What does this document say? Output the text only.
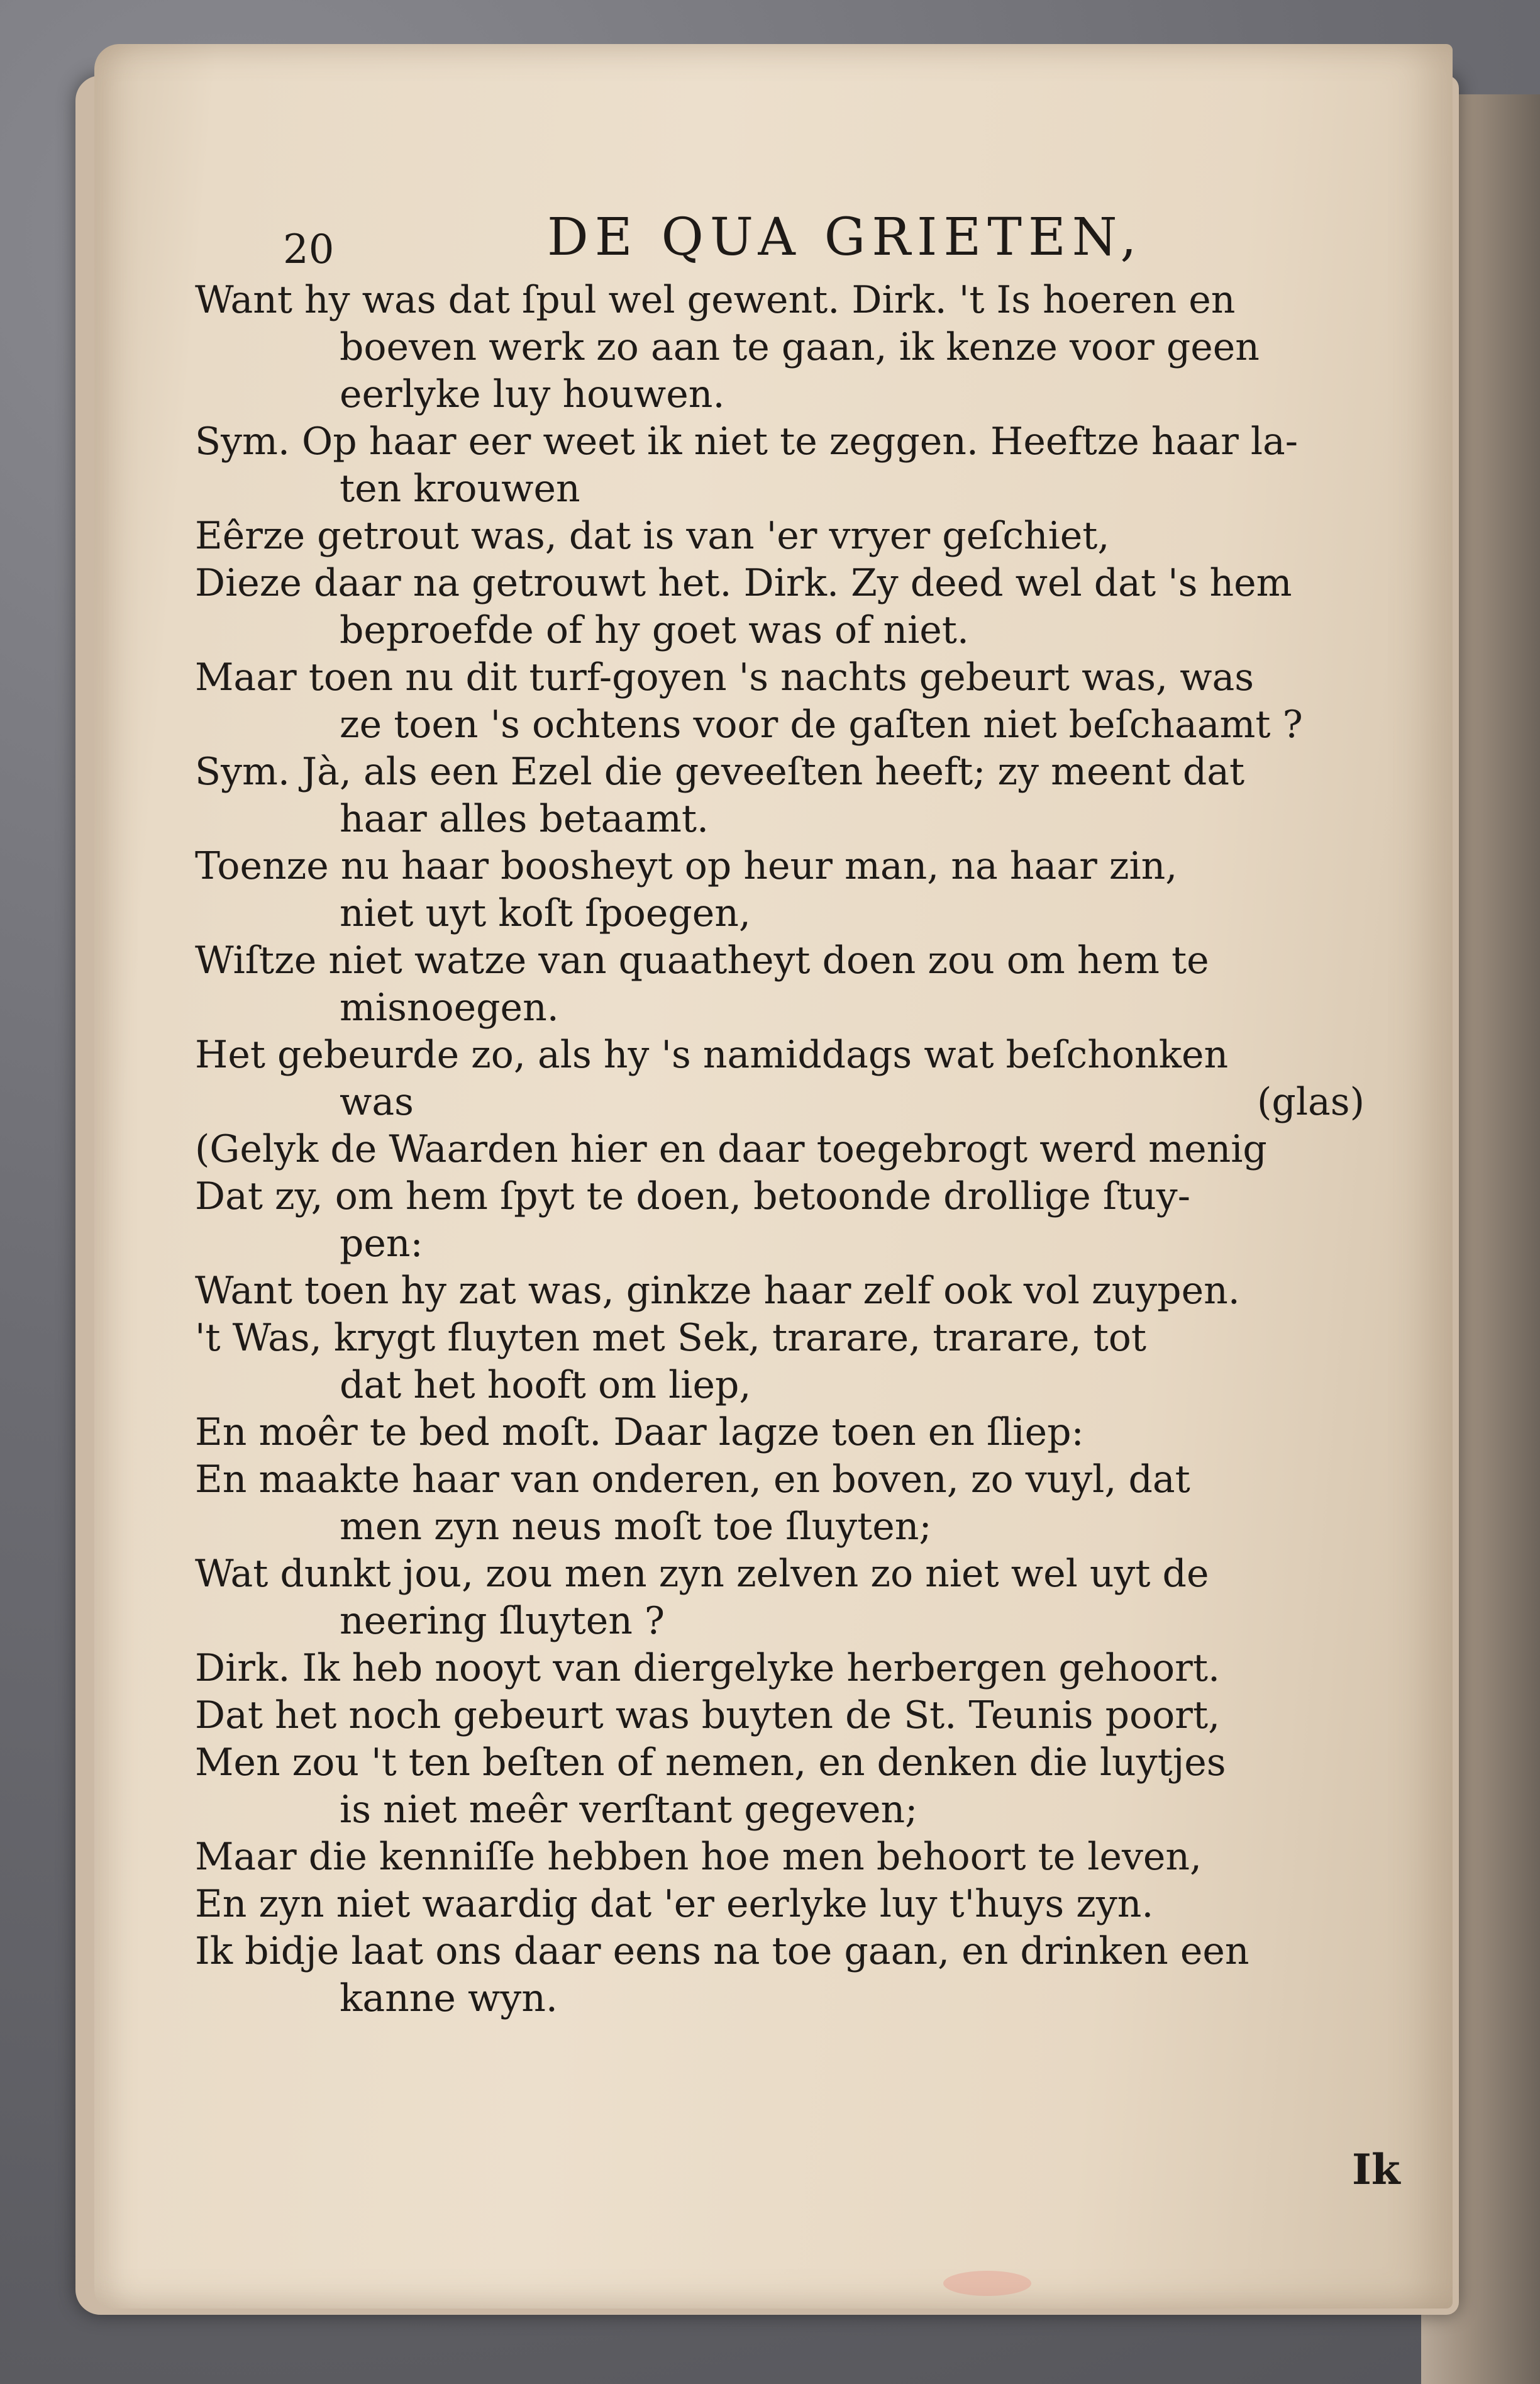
20	DE QUA GRIETEN,
Want hy was dat ſpul wel gewent. Dirk. 't Is hoeren en
boeven werk zo aan te gaan, ik kenze voor geen
eerlyke luy houwen.
Sym. Op haar eer weet ik niet te zeggen. Heeftze haar la-
ten krouwen
Eêrze getrout was, dat is van 'er vryer geſchiet,
Dieze daar na getrouwt het. Dirk. Zy deed wel dat 's hem
beproefde of hy goet was of niet.
Maar toen nu dit turf-goyen 's nachts gebeurt was, was
ze toen 's ochtens voor de gaſten niet beſchaamt ?
Sym. Jà, als een Ezel die geveeſten heeft; zy meent dat
haar alles betaamt.
Toenze nu haar boosheyt op heur man, na haar zin,
niet uyt koſt ſpoegen,
Wiſtze niet watze van quaatheyt doen zou om hem te
misnoegen.
Het gebeurde zo, als hy 's namiddags wat beſchonken
was	(glas)
(Gelyk de Waarden hier en daar toegebrogt werd menig
Dat zy, om hem ſpyt te doen, betoonde drollige ſtuy-
pen:
Want toen hy zat was, ginkze haar zelf ook vol zuypen.
't Was, krygt fluyten met Sek, trarare, trarare, tot
dat het hooft om liep,
En moêr te bed moſt. Daar lagze toen en ſliep:
En maakte haar van onderen, en boven, zo vuyl, dat
men zyn neus moſt toe ſluyten;
Wat dunkt jou, zou men zyn zelven zo niet wel uyt de
neering ſluyten ?
Dirk. Ik heb nooyt van diergelyke herbergen gehoort.
Dat het noch gebeurt was buyten de St. Teunis poort,
Men zou 't ten beſten of nemen, en denken die luytjes
is niet meêr verſtant gegeven;
Maar die kenniſſe hebben hoe men behoort te leven,
En zyn niet waardig dat 'er eerlyke luy t'huys zyn.
Ik bidje laat ons daar eens na toe gaan, en drinken een
kanne wyn.
Ik
